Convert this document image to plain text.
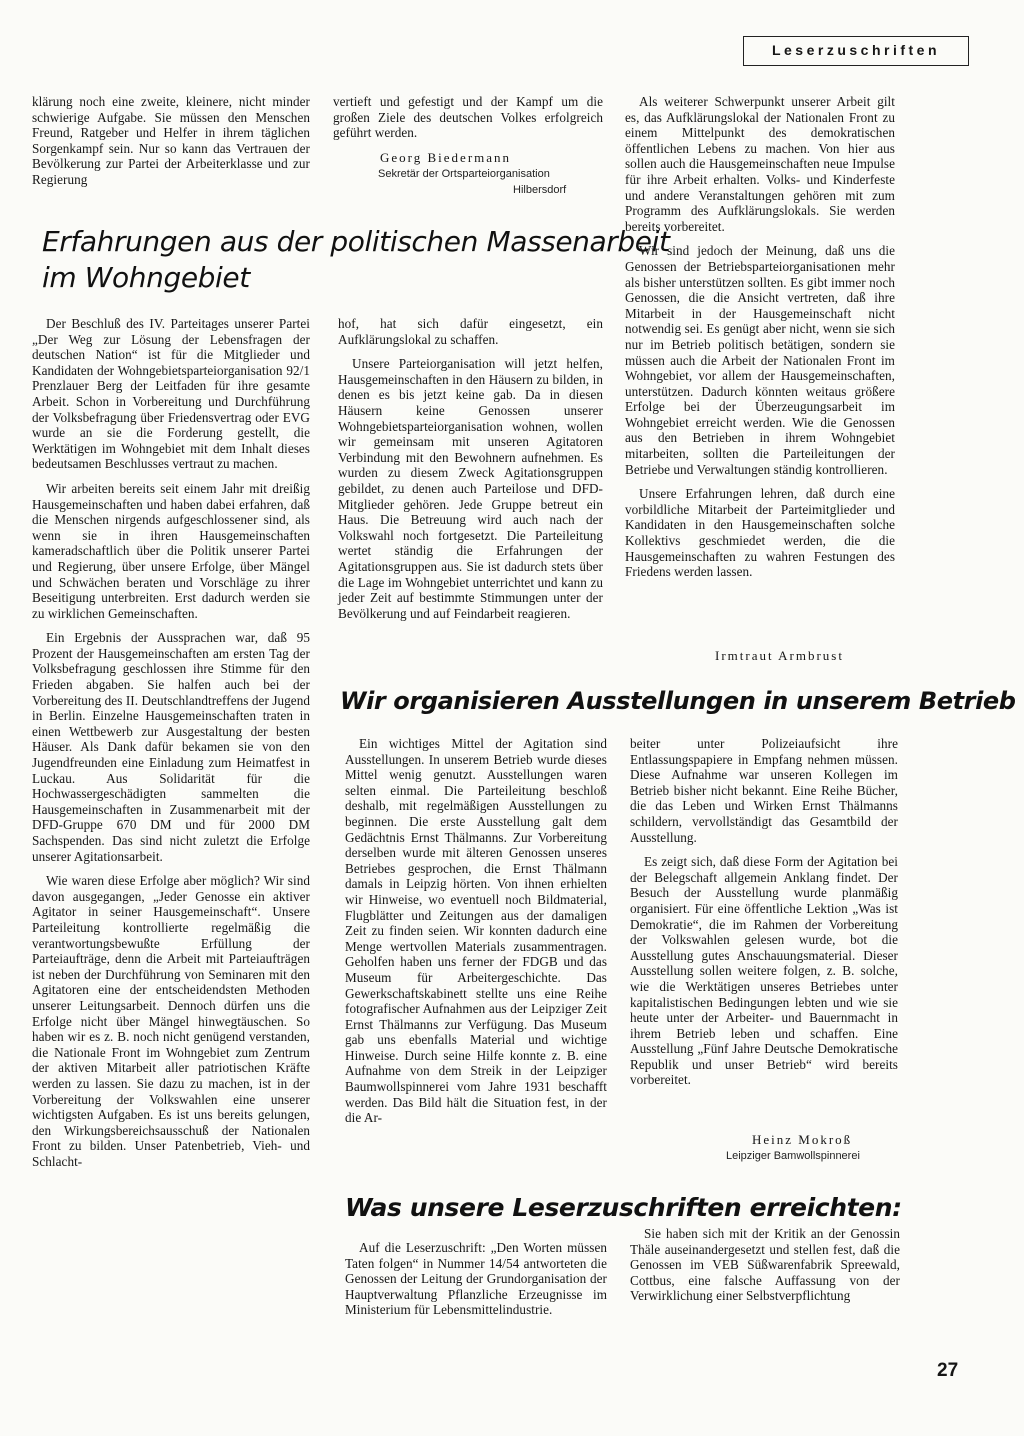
Leserzuschriften

klärung noch eine zweite, kleinere, nicht minder schwierige Aufgabe. Sie müssen den Menschen Freund, Ratgeber und Helfer in ihrem täglichen Sorgenkampf sein. Nur so kann das Vertrauen der Bevölkerung zur Partei der Arbeiterklasse und zur Regierung

vertieft und gefestigt und der Kampf um die großen Ziele des deutschen Volkes erfolgreich geführt werden.

Georg Biedermann
Sekretär der Ortsparteiorganisation
Hilbersdorf
Erfahrungen aus der politischen Massenarbeit
im Wohngebiet

Der Beschluß des IV. Parteitages unserer Partei „Der Weg zur Lösung der Lebensfragen der deutschen Nation“ ist für die Mitglieder und Kandidaten der Wohngebietsparteiorganisation 92/1 Prenzlauer Berg der Leitfaden für ihre gesamte Arbeit. Schon in Vorbereitung und Durchführung der Volksbefragung über Friedensvertrag oder EVG wurde an sie die Forderung gestellt, die Werktätigen im Wohngebiet mit dem Inhalt dieses bedeutsamen Beschlusses vertraut zu machen.

Wir arbeiten bereits seit einem Jahr mit dreißig Hausgemeinschaften und haben dabei erfahren, daß die Menschen nirgends aufgeschlossener sind, als wenn sie in ihren Hausgemeinschaften kameradschaftlich über die Politik unserer Partei und Regierung, über unsere Erfolge, über Mängel und Schwächen beraten und Vorschläge zu ihrer Beseitigung unterbreiten. Erst dadurch werden sie zu wirklichen Gemeinschaften.

Ein Ergebnis der Aussprachen war, daß 95 Prozent der Hausgemeinschaften am ersten Tag der Volksbefragung geschlossen ihre Stimme für den Frieden abgaben. Sie halfen auch bei der Vorbereitung des II. Deutschlandtreffens der Jugend in Berlin. Einzelne Hausgemeinschaften traten in einen Wettbewerb zur Ausgestaltung der besten Häuser. Als Dank dafür bekamen sie von den Jugendfreunden eine Einladung zum Heimatfest in Luckau. Aus Solidarität für die Hochwassergeschädigten sammelten die Hausgemeinschaften in Zusammenarbeit mit der DFD-Gruppe 670 DM und für 2000 DM Sachspenden. Das sind nicht zuletzt die Erfolge unserer Agitationsarbeit.

Wie waren diese Erfolge aber möglich? Wir sind davon ausgegangen, „Jeder Genosse ein aktiver Agitator in seiner Hausgemeinschaft“. Unsere Parteileitung kontrollierte regelmäßig die verantwortungsbewußte Erfüllung der Parteiaufträge, denn die Arbeit mit Parteiaufträgen ist neben der Durchführung von Seminaren mit den Agitatoren eine der entscheidendsten Methoden unserer Leitungsarbeit. Dennoch dürfen uns die Erfolge nicht über Mängel hinwegtäuschen. So haben wir es z. B. noch nicht genügend verstanden, die Nationale Front im Wohngebiet zum Zentrum der aktiven Mitarbeit aller patriotischen Kräfte werden zu lassen. Sie dazu zu machen, ist in der Vorbereitung der Volkswahlen eine unserer wichtigsten Aufgaben. Es ist uns bereits gelungen, den Wirkungsbereichsausschuß der Nationalen Front zu bilden. Unser Patenbetrieb, Vieh- und Schlacht-

hof, hat sich dafür eingesetzt, ein Aufklärungslokal zu schaffen.

Unsere Parteiorganisation will jetzt helfen, Hausgemeinschaften in den Häusern zu bilden, in denen es bis jetzt keine gab. Da in diesen Häusern keine Genossen unserer Wohngebietsparteiorganisation wohnen, wollen wir gemeinsam mit unseren Agitatoren Verbindung mit den Bewohnern aufnehmen. Es wurden zu diesem Zweck Agitationsgruppen gebildet, zu denen auch Parteilose und DFD-Mitglieder gehören. Jede Gruppe betreut ein Haus. Die Betreuung wird auch nach der Volkswahl noch fortgesetzt. Die Parteileitung wertet ständig die Erfahrungen der Agitationsgruppen aus. Sie ist dadurch stets über die Lage im Wohngebiet unterrichtet und kann zu jeder Zeit auf bestimmte Stimmungen unter der Bevölkerung und auf Feindarbeit reagieren.

Als weiterer Schwerpunkt unserer Arbeit gilt es, das Aufklärungslokal der Nationalen Front zu einem Mittelpunkt des demokratischen öffentlichen Lebens zu machen. Von hier aus sollen auch die Hausgemeinschaften neue Impulse für ihre Arbeit erhalten. Volks- und Kinderfeste und andere Veranstaltungen gehören mit zum Programm des Aufklärungslokals. Sie werden bereits vorbereitet.

Wir sind jedoch der Meinung, daß uns die Genossen der Betriebsparteiorganisationen mehr als bisher unterstützen sollten. Es gibt immer noch Genossen, die die Ansicht vertreten, daß ihre Mitarbeit in der Hausgemeinschaft nicht notwendig sei. Es genügt aber nicht, wenn sie sich nur im Betrieb politisch betätigen, sondern sie müssen auch die Arbeit der Nationalen Front im Wohngebiet, vor allem der Hausgemeinschaften, unterstützen. Dadurch könnten weitaus größere Erfolge bei der Überzeugungsarbeit im Wohngebiet erreicht werden. Wie die Genossen aus den Betrieben in ihrem Wohngebiet mitarbeiten, sollten die Parteileitungen der Betriebe und Verwaltungen ständig kontrollieren.

Unsere Erfahrungen lehren, daß durch eine vorbildliche Mitarbeit der Parteimitglieder und Kandidaten in den Hausgemeinschaften solche Kollektivs geschmiedet werden, die die Hausgemeinschaften zu wahren Festungen des Friedens werden lassen.

Irmtraut Armbrust
Wir organisieren Ausstellungen in unserem Betrieb

Ein wichtiges Mittel der Agitation sind Ausstellungen. In unserem Betrieb wurde dieses Mittel wenig genutzt. Ausstellungen waren selten einmal. Die Parteileitung beschloß deshalb, mit regelmäßigen Ausstellungen zu beginnen. Die erste Ausstellung galt dem Gedächtnis Ernst Thälmanns. Zur Vorbereitung derselben wurde mit älteren Genossen unseres Betriebes gesprochen, die Ernst Thälmann damals in Leipzig hörten. Von ihnen erhielten wir Hinweise, wo eventuell noch Bildmaterial, Flugblätter und Zeitungen aus der damaligen Zeit zu finden seien. Wir konnten dadurch eine Menge wertvollen Materials zusammentragen. Geholfen haben uns ferner der FDGB und das Museum für Arbeitergeschichte. Das Gewerkschaftskabinett stellte uns eine Reihe fotografischer Aufnahmen aus der Leipziger Zeit Ernst Thälmanns zur Verfügung. Das Museum gab uns ebenfalls Material und wichtige Hinweise. Durch seine Hilfe konnte z. B. eine Aufnahme von dem Streik in der Leipziger Baumwollspinnerei vom Jahre 1931 beschafft werden. Das Bild hält die Situation fest, in der die Ar-

beiter unter Polizeiaufsicht ihre Entlassungspapiere in Empfang nehmen müssen. Diese Aufnahme war unseren Kollegen im Betrieb bisher nicht bekannt. Eine Reihe Bücher, die das Leben und Wirken Ernst Thälmanns schildern, vervollständigt das Gesamtbild der Ausstellung.

Es zeigt sich, daß diese Form der Agitation bei der Belegschaft allgemein Anklang findet. Der Besuch der Ausstellung wurde planmäßig organisiert. Für eine öffentliche Lektion „Was ist Demokratie“, die im Rahmen der Vorbereitung der Volkswahlen gelesen wurde, bot die Ausstellung gutes Anschauungsmaterial. Dieser Ausstellung sollen weitere folgen, z. B. solche, wie die Werktätigen unseres Betriebes unter kapitalistischen Bedingungen lebten und wie sie heute unter der Arbeiter- und Bauernmacht in ihrem Betrieb leben und schaffen. Eine Ausstellung „Fünf Jahre Deutsche Demokratische Republik und unser Betrieb“ wird bereits vorbereitet.

Heinz Mokroß
Leipziger Bamwollspinnerei
Was unsere Leserzuschriften erreichten:

Auf die Leserzuschrift: „Den Worten müssen Taten folgen“ in Nummer 14/54 antworteten die Genossen der Leitung der Grundorganisation der Hauptverwaltung Pflanzliche Erzeugnisse im Ministerium für Lebensmittelindustrie.

Sie haben sich mit der Kritik an der Genossin Thäle auseinandergesetzt und stellen fest, daß die Genossen im VEB Süßwarenfabrik Spreewald, Cottbus, eine falsche Auffassung von der Verwirklichung einer Selbstverpflichtung

27
